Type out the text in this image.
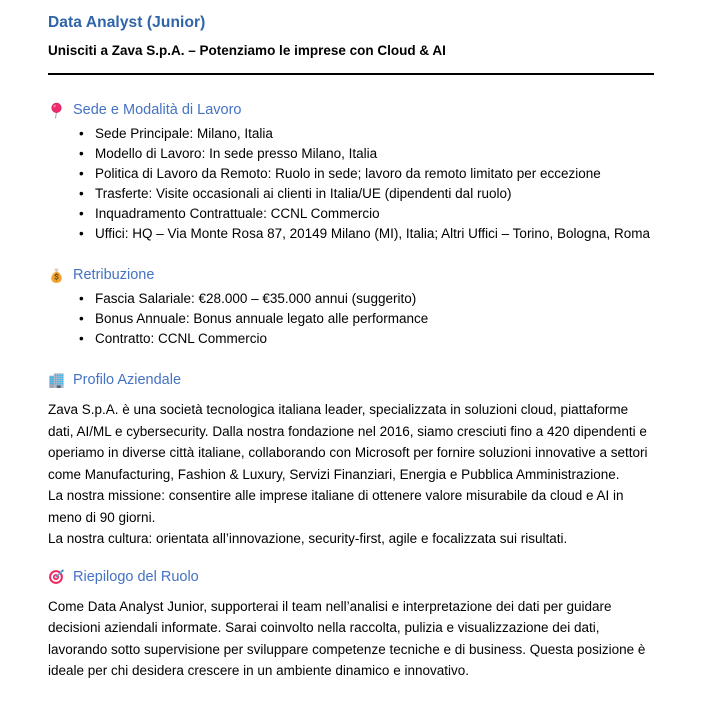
Data Analyst (Junior)
Unisciti a Zava S.p.A. – Potenziamo le imprese con Cloud & AI
Sede e Modalità di Lavoro
• Sede Principale: Milano, Italia
• Modello di Lavoro: In sede presso Milano, Italia
• Politica di Lavoro da Remoto: Ruolo in sede; lavoro da remoto limitato per eccezione
• Trasferte: Visite occasionali ai clienti in Italia/UE (dipendenti dal ruolo)
• Inquadramento Contrattuale: CCNL Commercio
• Uffici: HQ – Via Monte Rosa 87, 20149 Milano (MI), Italia; Altri Uffici – Torino, Bologna, Roma
Retribuzione
• Fascia Salariale: €28.000 – €35.000 annui (suggerito)
• Bonus Annuale: Bonus annuale legato alle performance
• Contratto: CCNL Commercio
Profilo Aziendale

Zava S.p.A. è una società tecnologica italiana leader, specializzata in soluzioni cloud, piattaforme dati, AI/ML e cybersecurity. Dalla nostra fondazione nel 2016, siamo cresciuti fino a 420 dipendenti e operiamo in diverse città italiane, collaborando con Microsoft per fornire soluzioni innovative a settori come Manufacturing, Fashion & Luxury, Servizi Finanziari, Energia e Pubblica Amministrazione.

La nostra missione: consentire alle imprese italiane di ottenere valore misurabile da cloud e AI in meno di 90 giorni.

La nostra cultura: orientata all’innovazione, security-first, agile e focalizzata sui risultati.

Riepilogo del Ruolo

Come Data Analyst Junior, supporterai il team nell’analisi e interpretazione dei dati per guidare decisioni aziendali informate. Sarai coinvolto nella raccolta, pulizia e visualizzazione dei dati, lavorando sotto supervisione per sviluppare competenze tecniche e di business. Questa posizione è ideale per chi desidera crescere in un ambiente dinamico e innovativo.
